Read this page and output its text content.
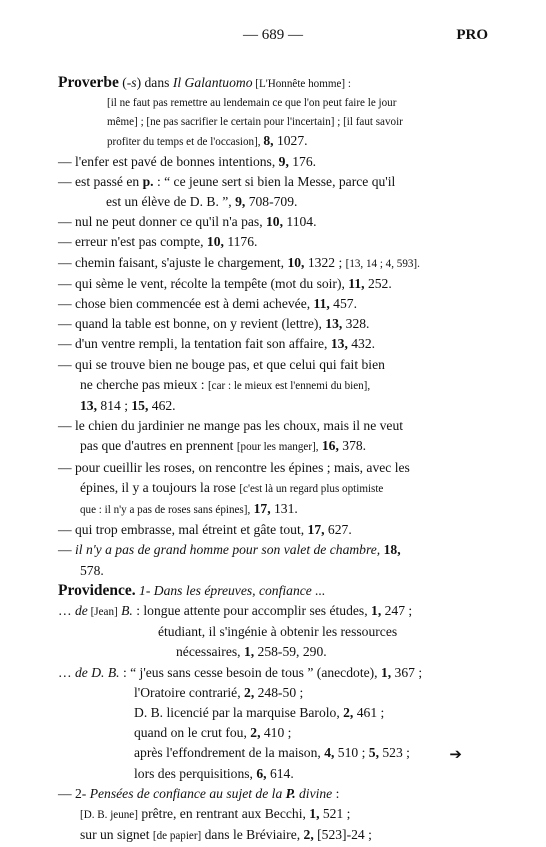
— 689 —	PRO
Proverbe (-s) dans Il Galantuomo [L'Honnête homme] :
[il ne faut pas remettre au lendemain ce que l'on peut faire le jour
même] ; [ne pas sacrifier le certain pour l'incertain] ; [il faut savoir
profiter du temps et de l'occasion], 8, 1027.
— l'enfer est pavé de bonnes intentions, 9, 176.
— est passé en p. : “ ce jeune sert si bien la Messe, parce qu'il
est un élève de D. B. ”, 9, 708-709.
— nul ne peut donner ce qu'il n'a pas, 10, 1104.
— erreur n'est pas compte, 10, 1176.
— chemin faisant, s'ajuste le chargement, 10, 1322 ; [13, 14 ; 4, 593].
— qui sème le vent, récolte la tempête (mot du soir), 11, 252.
— chose bien commencée est à demi achevée, 11, 457.
— quand la table est bonne, on y revient (lettre), 13, 328.
— d'un ventre rempli, la tentation fait son affaire, 13, 432.
— qui se trouve bien ne bouge pas, et que celui qui fait bien
ne cherche pas mieux : [car : le mieux est l'ennemi du bien],
13, 814 ; 15, 462.
— le chien du jardinier ne mange pas les choux, mais il ne veut
pas que d'autres en prennent [pour les manger], 16, 378.
— pour cueillir les roses, on rencontre les épines ; mais, avec les
épines, il y a toujours la rose [c'est là un regard plus optimiste
que : il n'y a pas de roses sans épines], 17, 131.
— qui trop embrasse, mal étreint et gâte tout, 17, 627.
— il n'y a pas de grand homme pour son valet de chambre, 18,
578.
Providence. 1- Dans les épreuves, confiance ...
… de [Jean] B. : longue attente pour accomplir ses études, 1, 247 ;
étudiant, il s'ingénie à obtenir les ressources
nécessaires, 1, 258-59, 290.
… de D. B. : “ j'eus sans cesse besoin de tous ” (anecdote), 1, 367 ;
l'Oratoire contrarié, 2, 248-50 ;
D. B. licencié par la marquise Barolo, 2, 461 ;
quand on le crut fou, 2, 410 ;
après l'effondrement de la maison, 4, 510 ; 5, 523 ;
lors des perquisitions, 6, 614.
— 2- Pensées de confiance au sujet de la P. divine :
[D. B. jeune] prêtre, en rentrant aux Becchi, 1, 521 ;
sur un signet [de papier] dans le Bréviaire, 2, [523]-24 ;
➔
